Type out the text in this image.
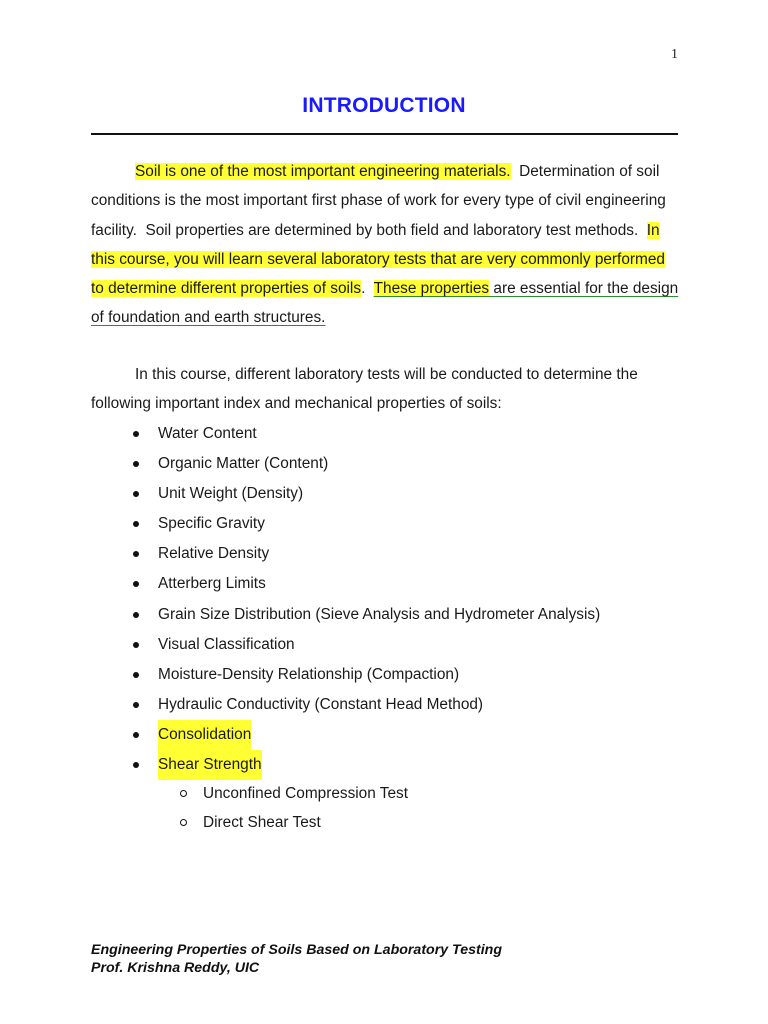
1
INTRODUCTION
Soil is one of the most important engineering materials.  Determination of soil conditions is the most important first phase of work for every type of civil engineering facility.  Soil properties are determined by both field and laboratory test methods.  In this course, you will learn several laboratory tests that are very commonly performed to determine different properties of soils.  These properties are essential for the design of foundation and earth structures.
In this course, different laboratory tests will be conducted to determine the following important index and mechanical properties of soils:
Water Content
Organic Matter (Content)
Unit Weight (Density)
Specific Gravity
Relative Density
Atterberg Limits
Grain Size Distribution (Sieve Analysis and Hydrometer Analysis)
Visual Classification
Moisture-Density Relationship (Compaction)
Hydraulic Conductivity (Constant Head Method)
Consolidation
Shear Strength
Unconfined Compression Test
Direct Shear Test
Engineering Properties of Soils Based on Laboratory Testing
Prof. Krishna Reddy, UIC
